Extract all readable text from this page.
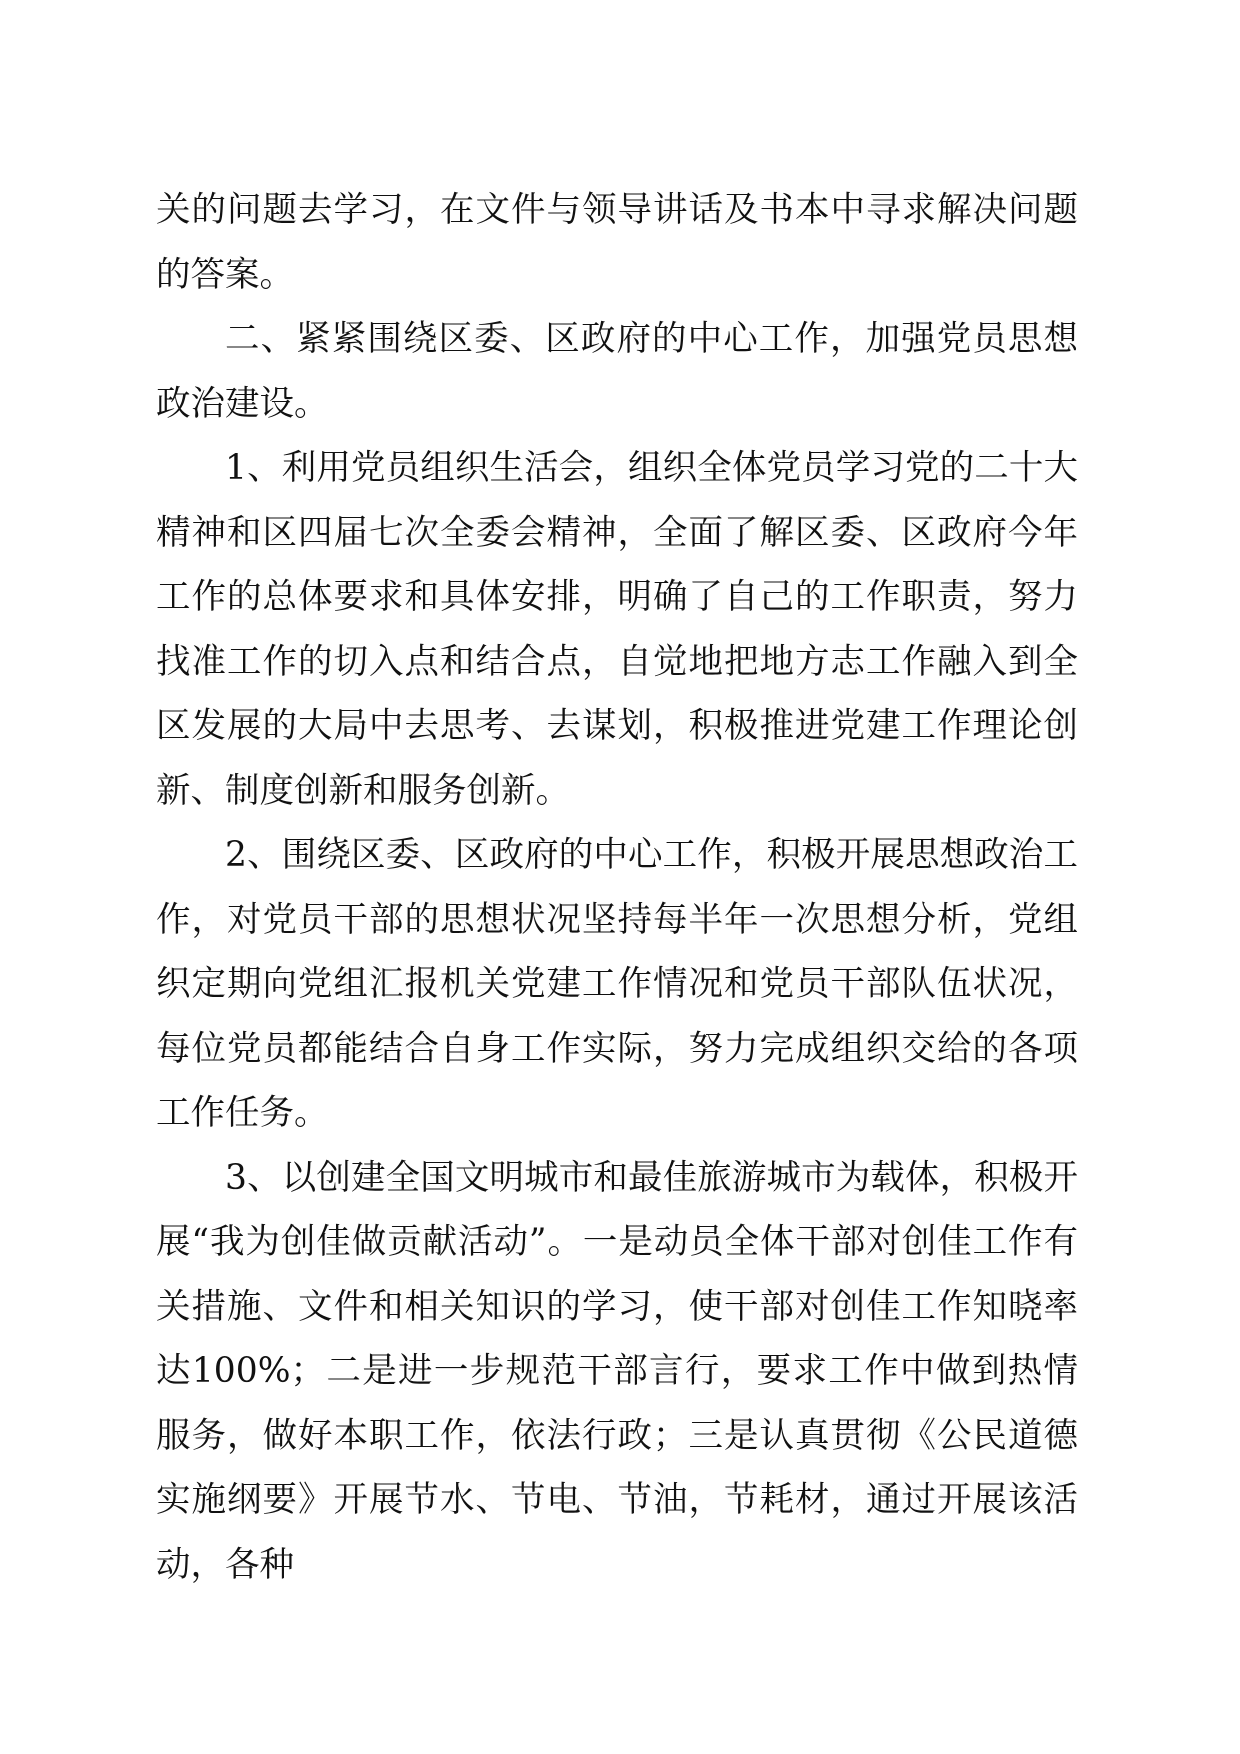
关的问题去学习，在文件与领导讲话及书本中寻求解决问题的答案。

二、紧紧围绕区委、区政府的中心工作，加强党员思想政治建设。

1、利用党员组织生活会，组织全体党员学习党的二十大精神和区四届七次全委会精神，全面了解区委、区政府今年工作的总体要求和具体安排，明确了自己的工作职责，努力找准工作的切入点和结合点，自觉地把地方志工作融入到全区发展的大局中去思考、去谋划，积极推进党建工作理论创新、制度创新和服务创新。

2、围绕区委、区政府的中心工作，积极开展思想政治工作，对党员干部的思想状况坚持每半年一次思想分析，党组织定期向党组汇报机关党建工作情况和党员干部队伍状况，每位党员都能结合自身工作实际，努力完成组织交给的各项工作任务。

3、以创建全国文明城市和最佳旅游城市为载体，积极开展“我为创佳做贡献活动”。一是动员全体干部对创佳工作有关措施、文件和相关知识的学习，使干部对创佳工作知晓率达100%；二是进一步规范干部言行，要求工作中做到热情服务，做好本职工作，依法行政；三是认真贯彻《公民道德实施纲要》开展节水、节电、节油，节耗材，通过开展该活动，各种
